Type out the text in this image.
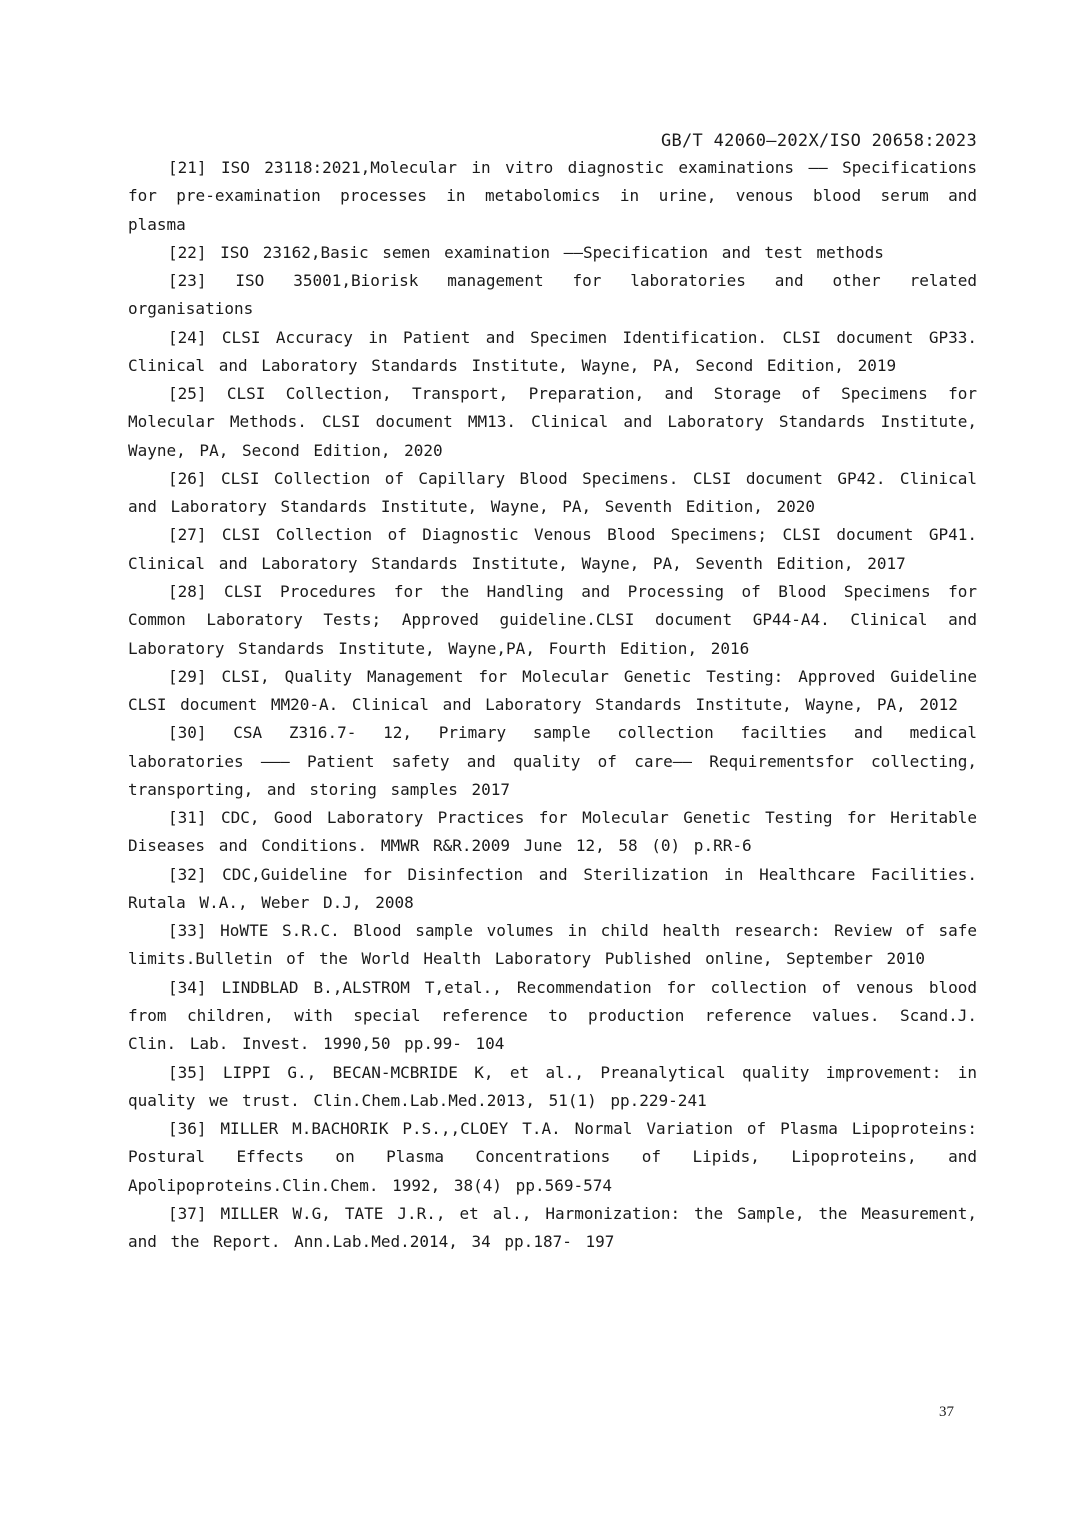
GB/T 42060—202X/ISO 20658:2023
[21] ISO 23118:2021,Molecular in vitro diagnostic examinations —— Specifications for pre-examination processes in metabolomics in urine, venous blood serum and plasma
[22] ISO 23162,Basic semen examination ——Specification and test methods
[23] ISO 35001,Biorisk management for laboratories and other related organisations
[24] CLSI Accuracy in Patient and Specimen Identification. CLSI document GP33. Clinical and Laboratory Standards Institute, Wayne, PA, Second Edition, 2019
[25] CLSI Collection, Transport, Preparation, and Storage of Specimens for Molecular Methods. CLSI document MM13. Clinical and Laboratory Standards Institute, Wayne, PA, Second Edition, 2020
[26] CLSI Collection of Capillary Blood Specimens. CLSI document GP42. Clinical and Laboratory Standards Institute, Wayne, PA, Seventh Edition, 2020
[27] CLSI Collection of Diagnostic Venous Blood Specimens; CLSI document GP41. Clinical and Laboratory Standards Institute, Wayne, PA, Seventh Edition, 2017
[28] CLSI Procedures for the Handling and Processing of Blood Specimens for Common Laboratory Tests; Approved guideline.CLSI document GP44-A4. Clinical and Laboratory Standards Institute, Wayne,PA, Fourth Edition, 2016
[29] CLSI, Quality Management for Molecular Genetic Testing: Approved Guideline CLSI document MM20-A. Clinical and Laboratory Standards Institute, Wayne, PA, 2012
[30] CSA Z316.7- 12, Primary sample collection facilties and medical laboratories ——— Patient safety and quality of care—— Requirementsfor collecting, transporting, and storing samples 2017
[31] CDC, Good Laboratory Practices for Molecular Genetic Testing for Heritable Diseases and Conditions. MMWR R&R.2009 June 12, 58 (0) p.RR-6
[32] CDC,Guideline for Disinfection and Sterilization in Healthcare Facilities. Rutala W.A., Weber D.J, 2008
[33] HoWTE S.R.C. Blood sample volumes in child health research: Review of safe limits.Bulletin of the World Health Laboratory Published online, September 2010
[34] LINDBLAD B.,ALSTROM T,etal., Recommendation for collection of venous blood from children, with special reference to production reference values. Scand.J. Clin. Lab. Invest. 1990,50 pp.99- 104
[35] LIPPI G., BECAN-MCBRIDE K, et al., Preanalytical quality improvement: in quality we trust. Clin.Chem.Lab.Med.2013, 51(1) pp.229-241
[36] MILLER M.BACHORIK P.S.,,CLOEY T.A. Normal Variation of Plasma Lipoproteins: Postural Effects on Plasma Concentrations of Lipids, Lipoproteins, and Apolipoproteins.Clin.Chem. 1992, 38(4) pp.569-574
[37] MILLER W.G, TATE J.R., et al., Harmonization: the Sample, the Measurement, and the Report. Ann.Lab.Med.2014, 34 pp.187- 197
37
